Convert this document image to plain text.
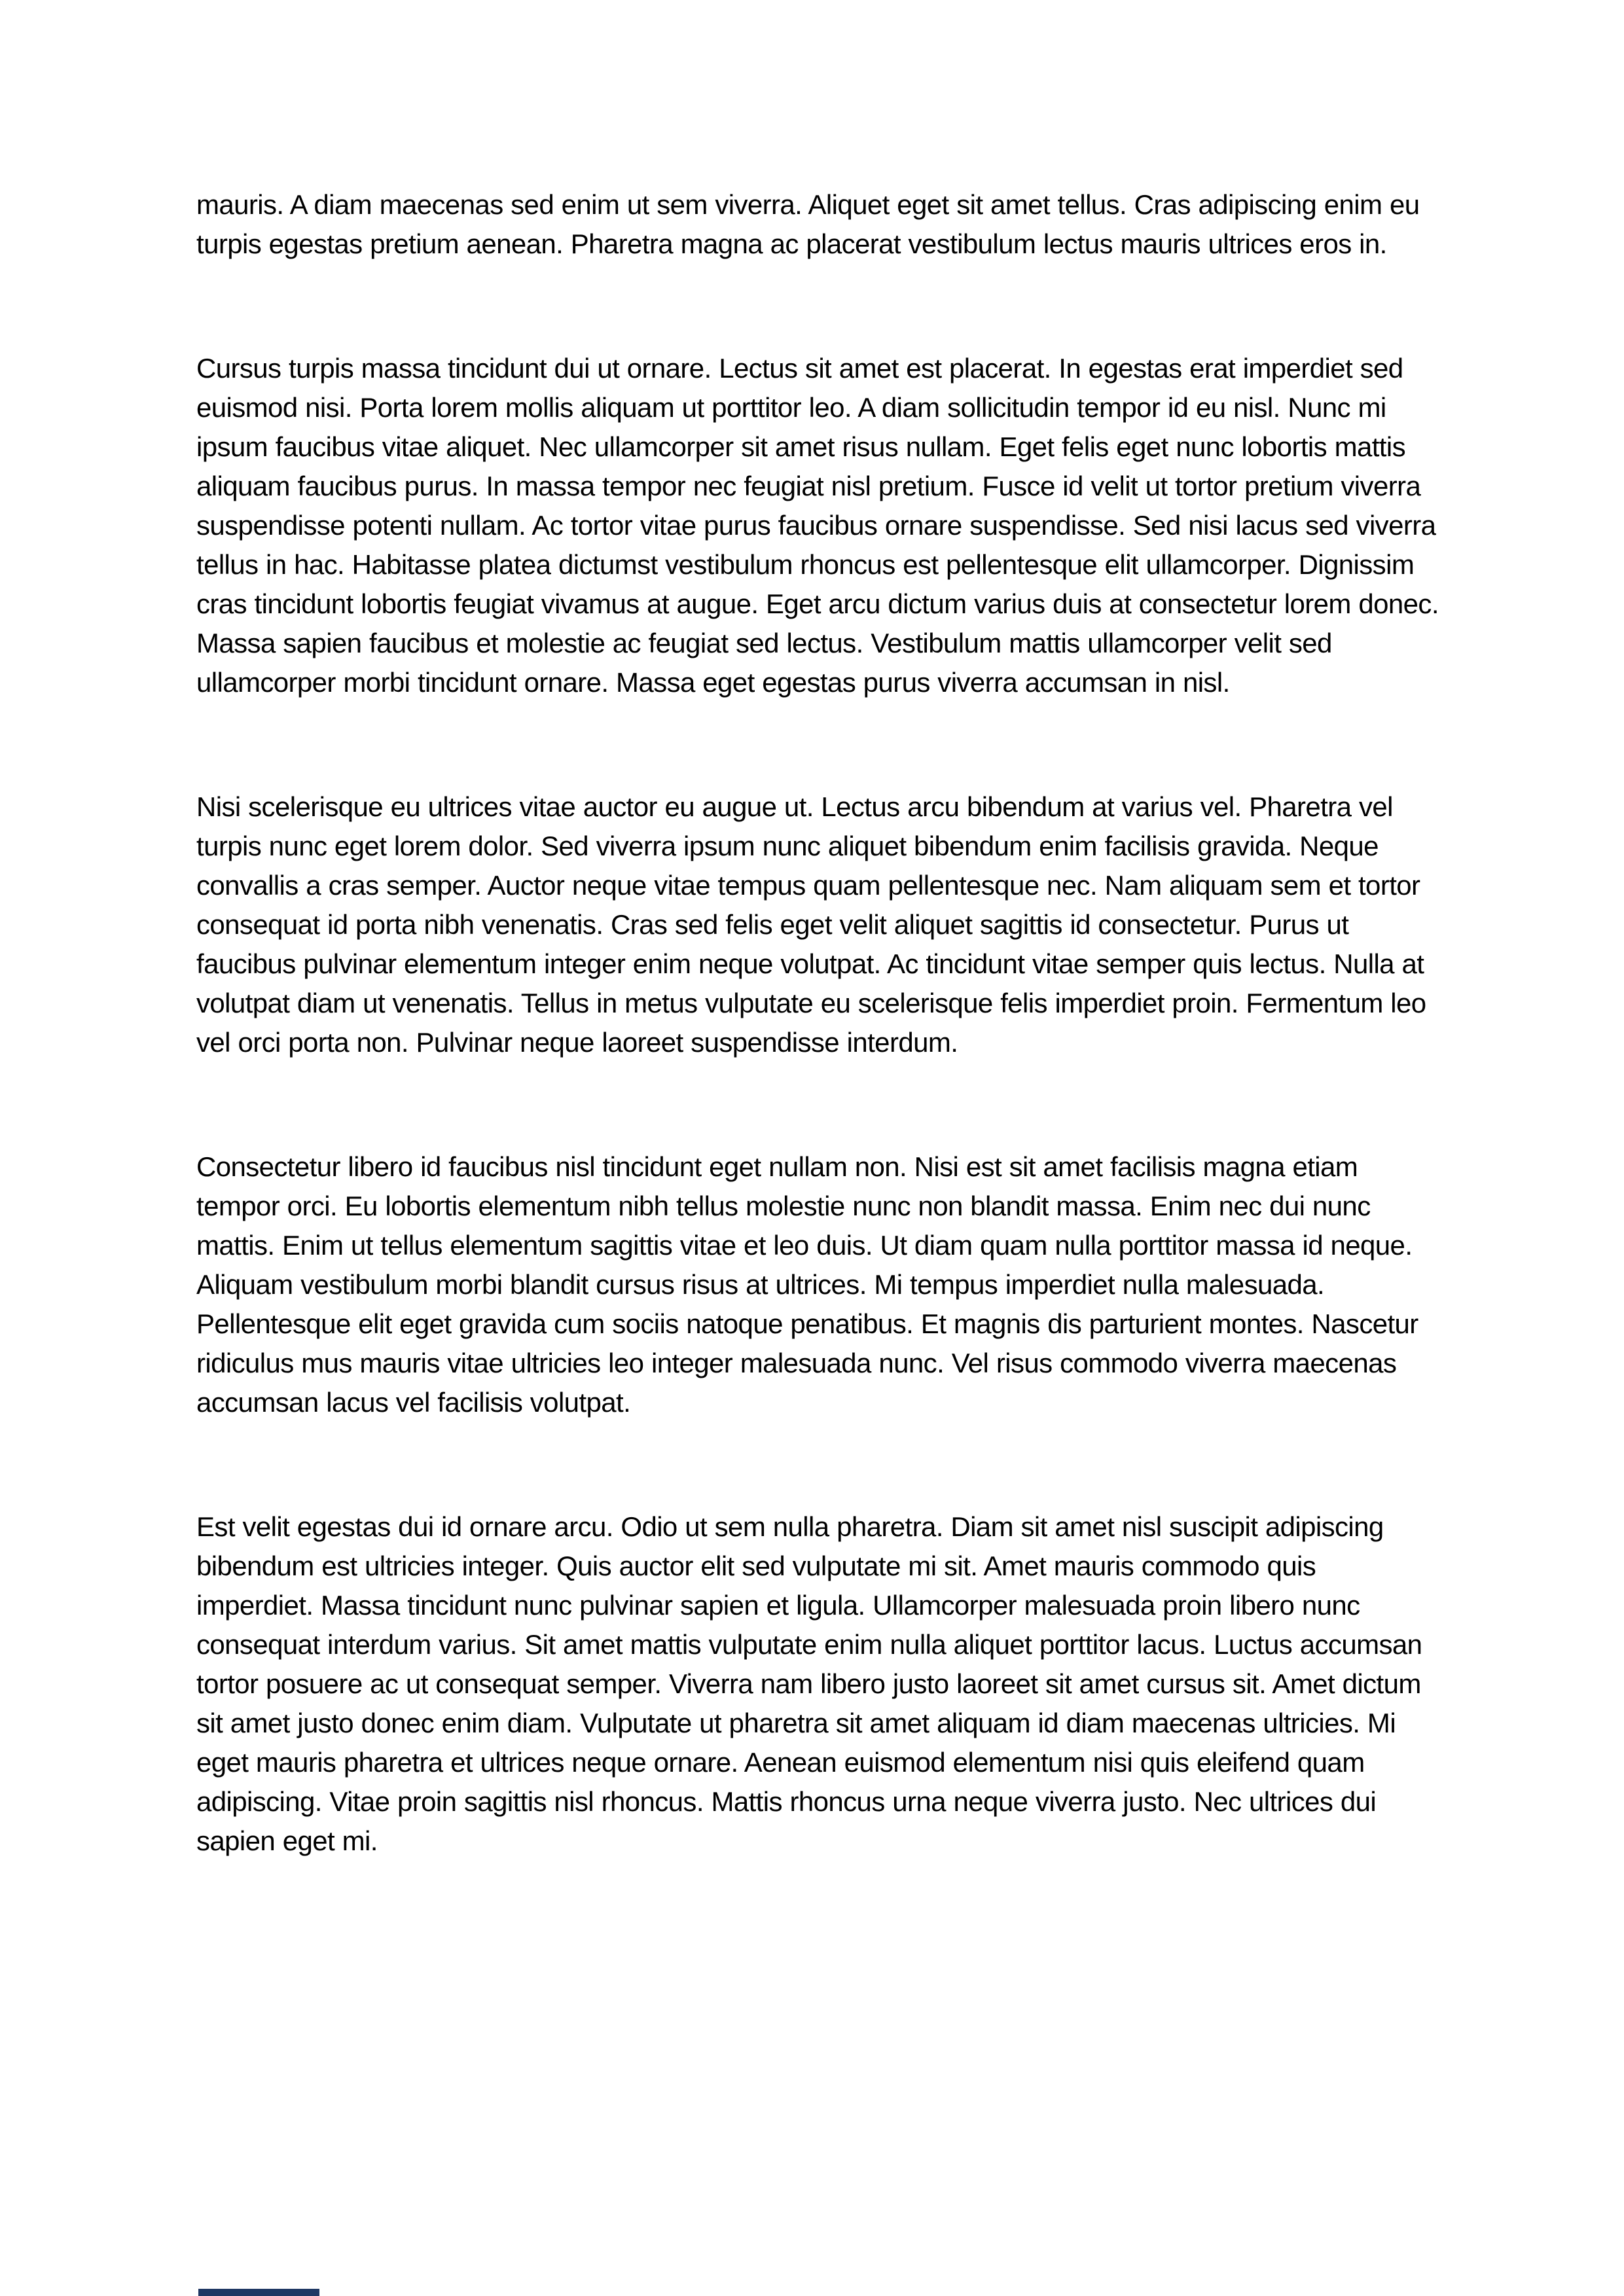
mauris. A diam maecenas sed enim ut sem viverra. Aliquet eget sit amet tellus. Cras adipiscing enim eu turpis egestas pretium aenean. Pharetra magna ac placerat vestibulum lectus mauris ultrices eros in.

Cursus turpis massa tincidunt dui ut ornare. Lectus sit amet est placerat. In egestas erat imperdiet sed euismod nisi. Porta lorem mollis aliquam ut porttitor leo. A diam sollicitudin tempor id eu nisl. Nunc mi ipsum faucibus vitae aliquet. Nec ullamcorper sit amet risus nullam. Eget felis eget nunc lobortis mattis aliquam faucibus purus. In massa tempor nec feugiat nisl pretium. Fusce id velit ut tortor pretium viverra suspendisse potenti nullam. Ac tortor vitae purus faucibus ornare suspendisse. Sed nisi lacus sed viverra tellus in hac. Habitasse platea dictumst vestibulum rhoncus est pellentesque elit ullamcorper. Dignissim cras tincidunt lobortis feugiat vivamus at augue. Eget arcu dictum varius duis at consectetur lorem donec. Massa sapien faucibus et molestie ac feugiat sed lectus. Vestibulum mattis ullamcorper velit sed ullamcorper morbi tincidunt ornare. Massa eget egestas purus viverra accumsan in nisl.

Nisi scelerisque eu ultrices vitae auctor eu augue ut. Lectus arcu bibendum at varius vel. Pharetra vel turpis nunc eget lorem dolor. Sed viverra ipsum nunc aliquet bibendum enim facilisis gravida. Neque convallis a cras semper. Auctor neque vitae tempus quam pellentesque nec. Nam aliquam sem et tortor consequat id porta nibh venenatis. Cras sed felis eget velit aliquet sagittis id consectetur. Purus ut faucibus pulvinar elementum integer enim neque volutpat. Ac tincidunt vitae semper quis lectus. Nulla at volutpat diam ut venenatis. Tellus in metus vulputate eu scelerisque felis imperdiet proin. Fermentum leo vel orci porta non. Pulvinar neque laoreet suspendisse interdum.

Consectetur libero id faucibus nisl tincidunt eget nullam non. Nisi est sit amet facilisis magna etiam tempor orci. Eu lobortis elementum nibh tellus molestie nunc non blandit massa. Enim nec dui nunc mattis. Enim ut tellus elementum sagittis vitae et leo duis. Ut diam quam nulla porttitor massa id neque. Aliquam vestibulum morbi blandit cursus risus at ultrices. Mi tempus imperdiet nulla malesuada. Pellentesque elit eget gravida cum sociis natoque penatibus. Et magnis dis parturient montes. Nascetur ridiculus mus mauris vitae ultricies leo integer malesuada nunc. Vel risus commodo viverra maecenas accumsan lacus vel facilisis volutpat.

Est velit egestas dui id ornare arcu. Odio ut sem nulla pharetra. Diam sit amet nisl suscipit adipiscing bibendum est ultricies integer. Quis auctor elit sed vulputate mi sit. Amet mauris commodo quis imperdiet. Massa tincidunt nunc pulvinar sapien et ligula. Ullamcorper malesuada proin libero nunc consequat interdum varius. Sit amet mattis vulputate enim nulla aliquet porttitor lacus. Luctus accumsan tortor posuere ac ut consequat semper. Viverra nam libero justo laoreet sit amet cursus sit. Amet dictum sit amet justo donec enim diam. Vulputate ut pharetra sit amet aliquam id diam maecenas ultricies. Mi eget mauris pharetra et ultrices neque ornare. Aenean euismod elementum nisi quis eleifend quam adipiscing. Vitae proin sagittis nisl rhoncus. Mattis rhoncus urna neque viverra justo. Nec ultrices dui sapien eget mi.
